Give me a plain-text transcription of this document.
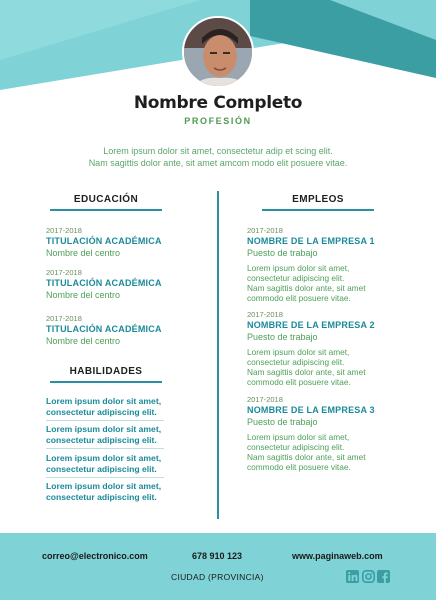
Nombre Completo
PROFESIÓN
Lorem ipsum dolor sit amet, consectetur adip et scing elit.
Nam sagittis dolor ante, sit amet amcom modo elit posuere vitae.
EDUCACIÓN
2017-2018
TITULACIÓN ACADÉMICA
Nombre del centro
2017-2018
TITULACIÓN ACADÉMICA
Nombre del centro
2017-2018
TITULACIÓN ACADÉMICA
Nombre del centro
HABILIDADES
Lorem ipsum dolor sit amet,
consectetur adipiscing elit.
Lorem ipsum dolor sit amet,
consectetur adipiscing elit.
Lorem ipsum dolor sit amet,
consectetur adipiscing elit.
Lorem ipsum dolor sit amet,
consectetur adipiscing elit.
EMPLEOS
2017-2018
NOMBRE DE LA EMPRESA 1
Puesto de trabajo
Lorem ipsum dolor sit amet,
consectetur adipiscing elit.
Nam sagittis dolor ante, sit amet
commodo elit posuere vitae.
2017-2018
NOMBRE DE LA EMPRESA 2
Puesto de trabajo
Lorem ipsum dolor sit amet,
consectetur adipiscing elit.
Nam sagittis dolor ante, sit amet
commodo elit posuere vitae.
2017-2018
NOMBRE DE LA EMPRESA 3
Puesto de trabajo
Lorem ipsum dolor sit amet,
consectetur adipiscing elit.
Nam sagittis dolor ante, sit amet
commodo elit posuere vitae.
correo@electronico.com	678 910 123	www.paginaweb.com
CIUDAD (PROVINCIA)
